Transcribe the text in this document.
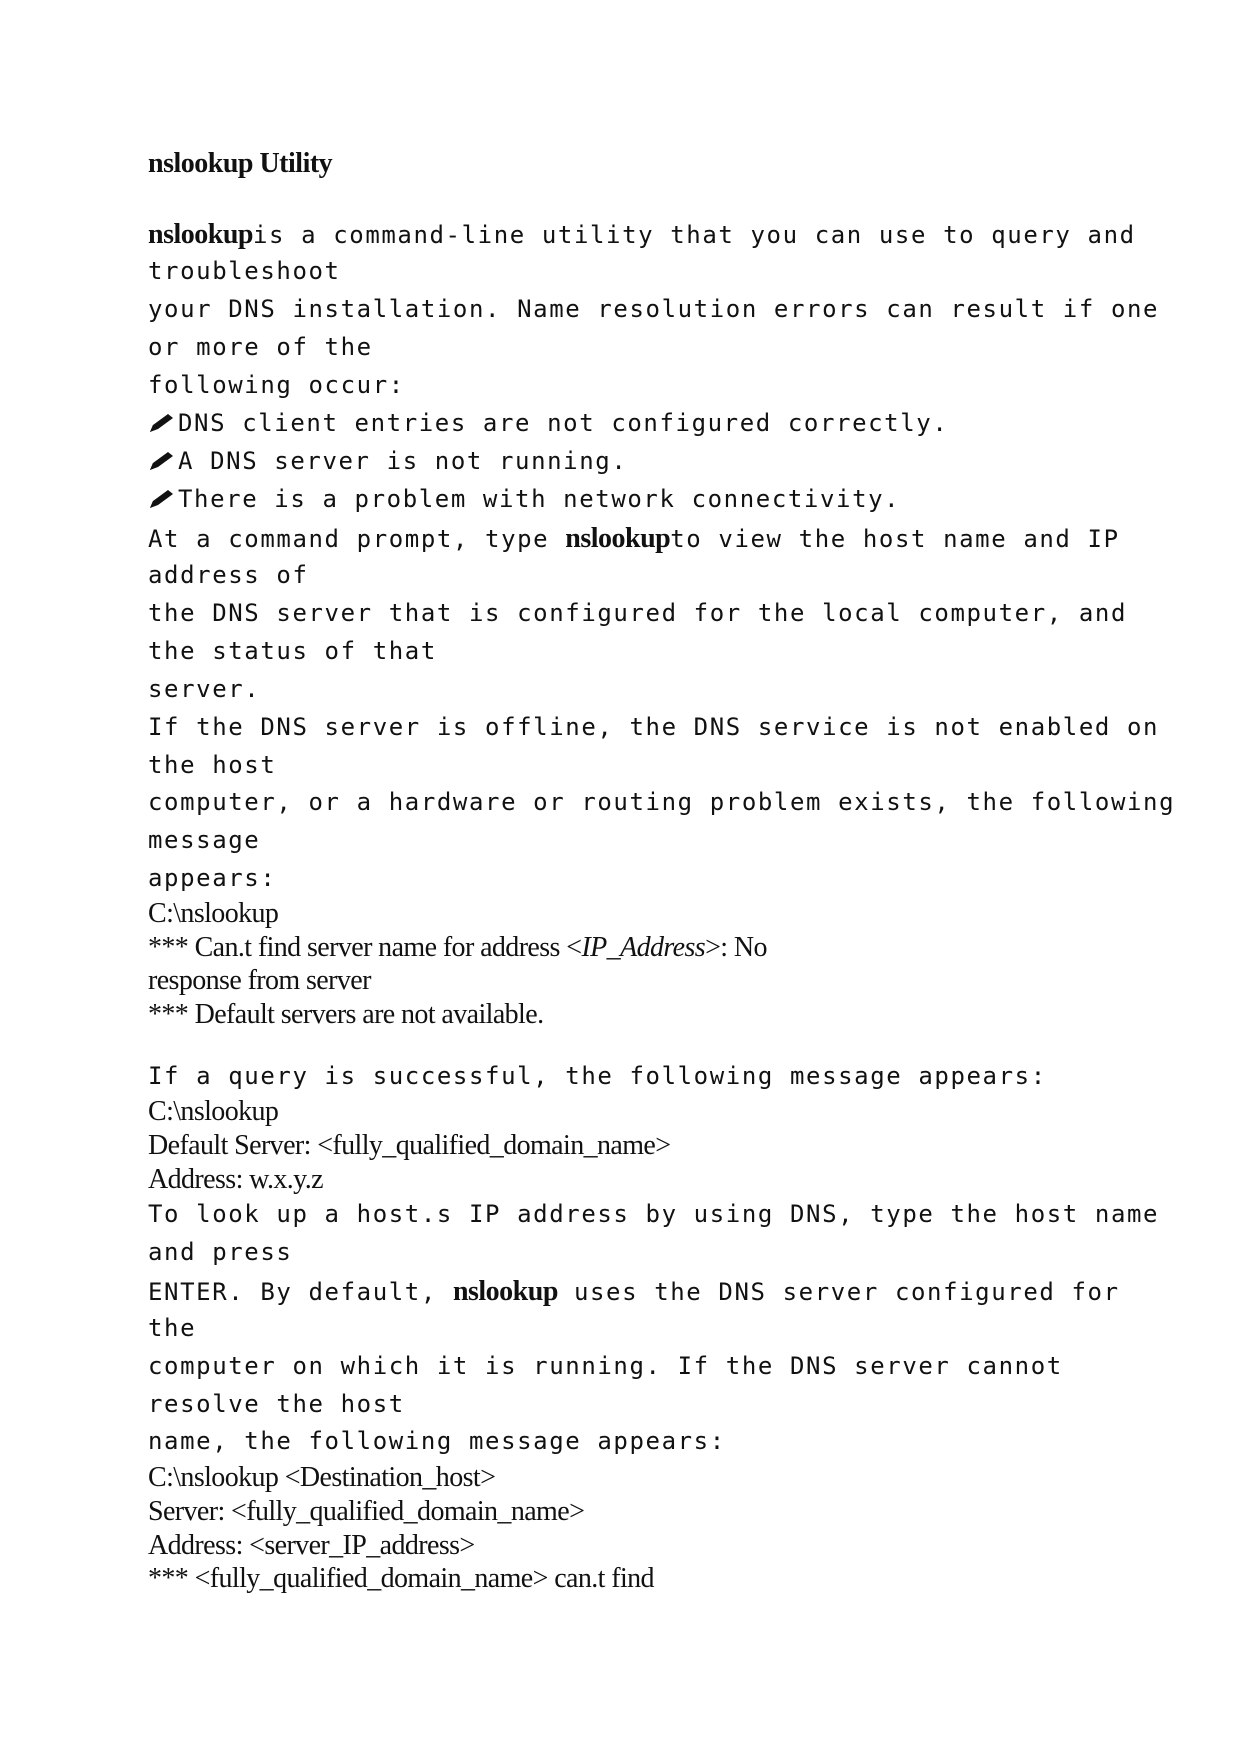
nslookup Utility
nslookupis a command-line utility that you can use to query and
troubleshoot
your DNS installation. Name resolution errors can result if one
or more of the
following occur:
DNS client entries are not configured correctly.
A DNS server is not running.
There is a problem with network connectivity.
At a command prompt, type nslookupto view the host name and IP
address of
the DNS server that is configured for the local computer, and
the status of that
server.
If the DNS server is offline, the DNS service is not enabled on
the host
computer, or a hardware or routing problem exists, the following
message
appears:
C:\nslookup
*** Can.t find server name for address <IP_Address>: No
response from server
*** Default servers are not available.
If a query is successful, the following message appears:
C:\nslookup
Default Server: <fully_qualified_domain_name>
Address: w.x.y.z
To look up a host.s IP address by using DNS, type the host name
and press
ENTER. By default, nslookup uses the DNS server configured for
the
computer on which it is running. If the DNS server cannot
resolve the host
name, the following message appears:
C:\nslookup <Destination_host>
Server: <fully_qualified_domain_name>
Address: <server_IP_address>
*** <fully_qualified_domain_name> can.t find
